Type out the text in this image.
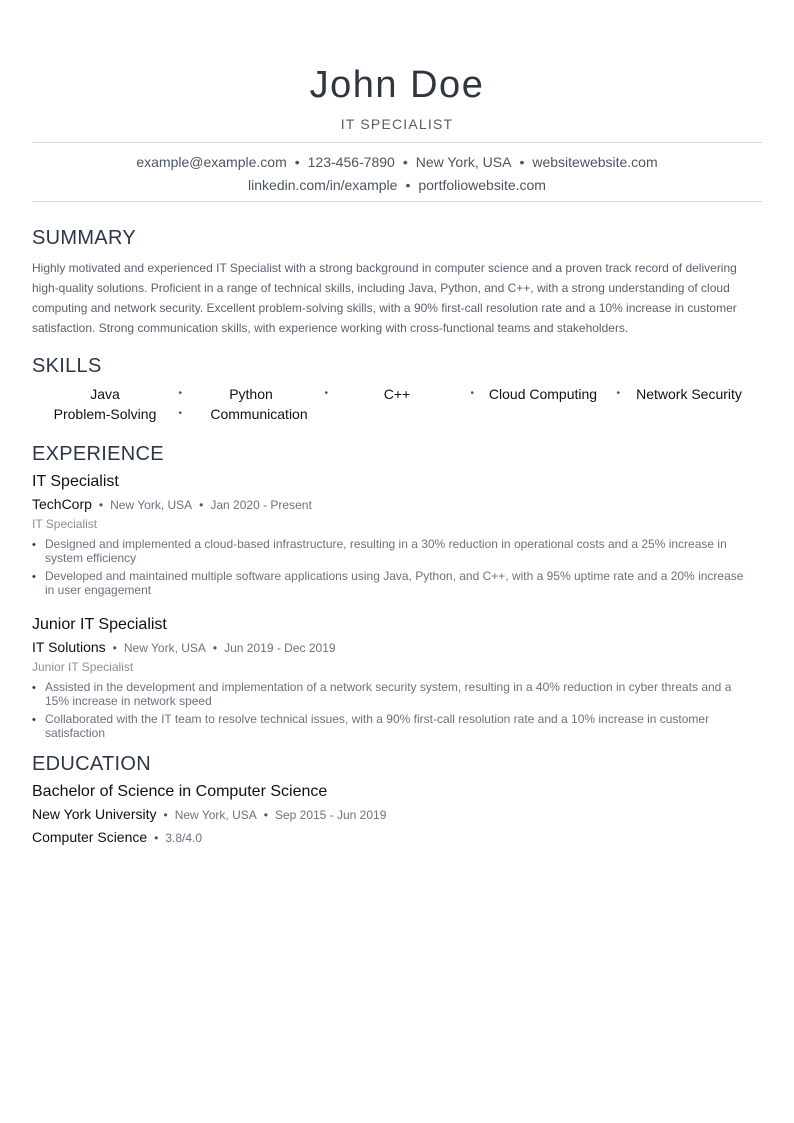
John Doe
IT SPECIALIST
example@example.com • 123-456-7890 • New York, USA • websitewebsite.com
linkedin.com/in/example • portfoliowebsite.com
SUMMARY
Highly motivated and experienced IT Specialist with a strong background in computer science and a proven track record of delivering high-quality solutions. Proficient in a range of technical skills, including Java, Python, and C++, with a strong understanding of cloud computing and network security. Excellent problem-solving skills, with a 90% first-call resolution rate and a 10% increase in customer satisfaction. Strong communication skills, with experience working with cross-functional teams and stakeholders.
SKILLS
Java	•	Python	•	C++	•	Cloud Computing •	Network Security
Problem-Solving •	Communication
EXPERIENCE
IT Specialist
TechCorp • New York, USA • Jan 2020 - Present
IT Specialist
• Designed and implemented a cloud-based infrastructure, resulting in a 30% reduction in operational costs and a 25% increase in system efficiency
• Developed and maintained multiple software applications using Java, Python, and C++, with a 95% uptime rate and a 20% increase in user engagement
Junior IT Specialist
IT Solutions • New York, USA • Jun 2019 - Dec 2019
Junior IT Specialist
• Assisted in the development and implementation of a network security system, resulting in a 40% reduction in cyber threats and a 15% increase in network speed
• Collaborated with the IT team to resolve technical issues, with a 90% first-call resolution rate and a 10% increase in customer satisfaction
EDUCATION
Bachelor of Science in Computer Science
New York University • New York, USA • Sep 2015 - Jun 2019
Computer Science • 3.8/4.0
